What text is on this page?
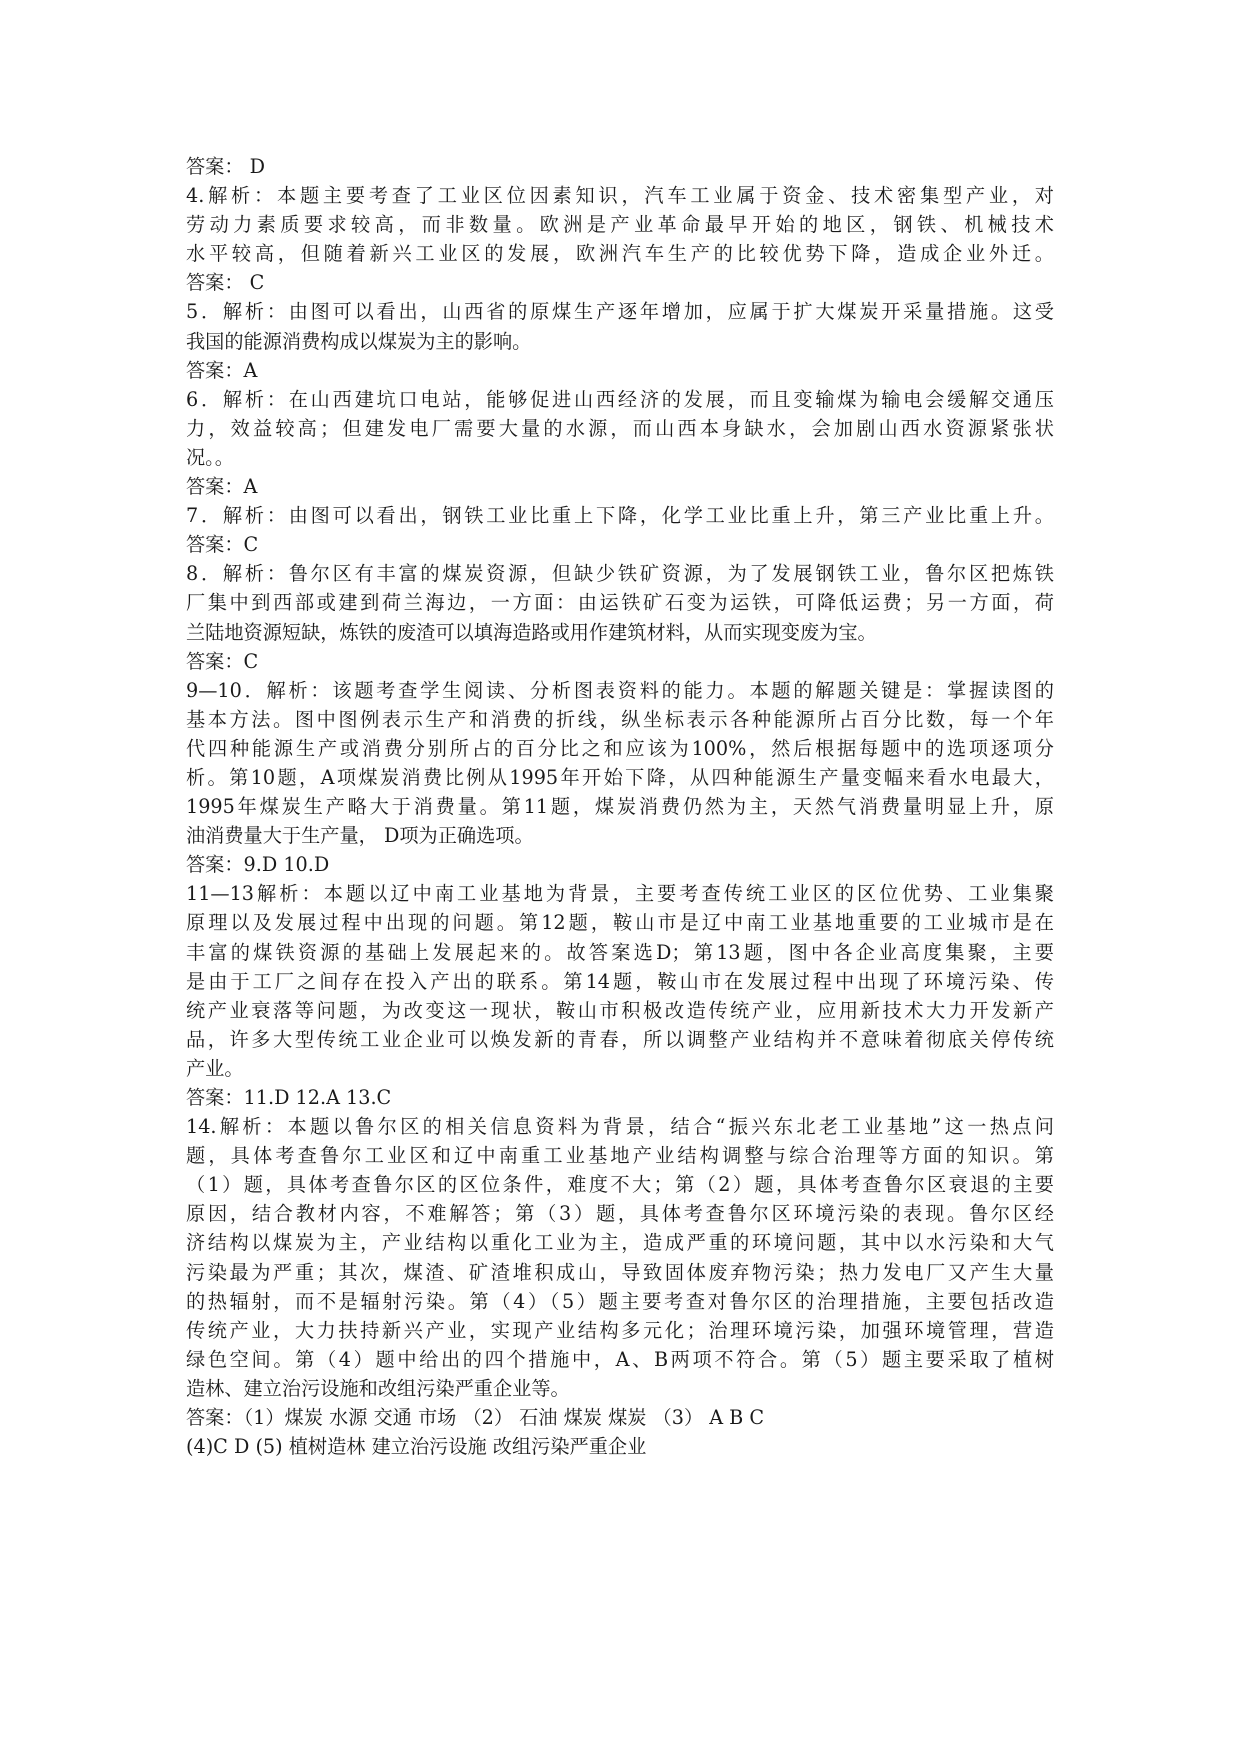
答案： D
4.解析：本题主要考查了工业区位因素知识，汽车工业属于资金、技术密集型产业，对
劳动力素质要求较高，而非数量。欧洲是产业革命最早开始的地区，钢铁、机械技术
水平较高，但随着新兴工业区的发展，欧洲汽车生产的比较优势下降，造成企业外迁。
答案： C
5．解析：由图可以看出，山西省的原煤生产逐年增加，应属于扩大煤炭开采量措施。这受
我国的能源消费构成以煤炭为主的影响。
答案：A
6．解析：在山西建坑口电站，能够促进山西经济的发展，而且变输煤为输电会缓解交通压
力，效益较高；但建发电厂需要大量的水源，而山西本身缺水，会加剧山西水资源紧张状
况。。
答案：A
7．解析：由图可以看出，钢铁工业比重上下降，化学工业比重上升，第三产业比重上升。
答案：C
8．解析：鲁尔区有丰富的煤炭资源，但缺少铁矿资源，为了发展钢铁工业，鲁尔区把炼铁
厂集中到西部或建到荷兰海边，一方面：由运铁矿石变为运铁，可降低运费；另一方面，荷
兰陆地资源短缺，炼铁的废渣可以填海造路或用作建筑材料，从而实现变废为宝。
答案：C
9—10．解析：该题考查学生阅读、分析图表资料的能力。本题的解题关键是：掌握读图的
基本方法。图中图例表示生产和消费的折线，纵坐标表示各种能源所占百分比数，每一个年
代四种能源生产或消费分别所占的百分比之和应该为100%，然后根据每题中的选项逐项分
析。第10题，A项煤炭消费比例从1995年开始下降，从四种能源生产量变幅来看水电最大，
1995年煤炭生产略大于消费量。第11题，煤炭消费仍然为主，天然气消费量明显上升，原
油消费量大于生产量， D项为正确选项。
答案：9.D 10.D
11—13解析：本题以辽中南工业基地为背景，主要考查传统工业区的区位优势、工业集聚
原理以及发展过程中出现的问题。第12题，鞍山市是辽中南工业基地重要的工业城市是在
丰富的煤铁资源的基础上发展起来的。故答案选D；第13题，图中各企业高度集聚，主要
是由于工厂之间存在投入产出的联系。第14题，鞍山市在发展过程中出现了环境污染、传
统产业衰落等问题，为改变这一现状，鞍山市积极改造传统产业，应用新技术大力开发新产
品，许多大型传统工业企业可以焕发新的青春，所以调整产业结构并不意味着彻底关停传统
产业。
答案：11.D 12.A 13.C
14.解析：本题以鲁尔区的相关信息资料为背景，结合“振兴东北老工业基地”这一热点问
题，具体考查鲁尔工业区和辽中南重工业基地产业结构调整与综合治理等方面的知识。第
（1）题，具体考查鲁尔区的区位条件，难度不大；第（2）题，具体考查鲁尔区衰退的主要
原因，结合教材内容，不难解答；第（3）题，具体考查鲁尔区环境污染的表现。鲁尔区经
济结构以煤炭为主，产业结构以重化工业为主，造成严重的环境问题，其中以水污染和大气
污染最为严重；其次，煤渣、矿渣堆积成山，导致固体废弃物污染；热力发电厂又产生大量
的热辐射，而不是辐射污染。第（4）（5）题主要考查对鲁尔区的治理措施，主要包括改造
传统产业，大力扶持新兴产业，实现产业结构多元化；治理环境污染，加强环境管理，营造
绿色空间。第（4）题中给出的四个措施中，A、B两项不符合。第（5）题主要采取了植树
造林、建立治污设施和改组污染严重企业等。
答案：（1）煤炭 水源 交通 市场 （2） 石油 煤炭 煤炭 （3） A B C
(4)C D (5) 植树造林 建立治污设施 改组污染严重企业
